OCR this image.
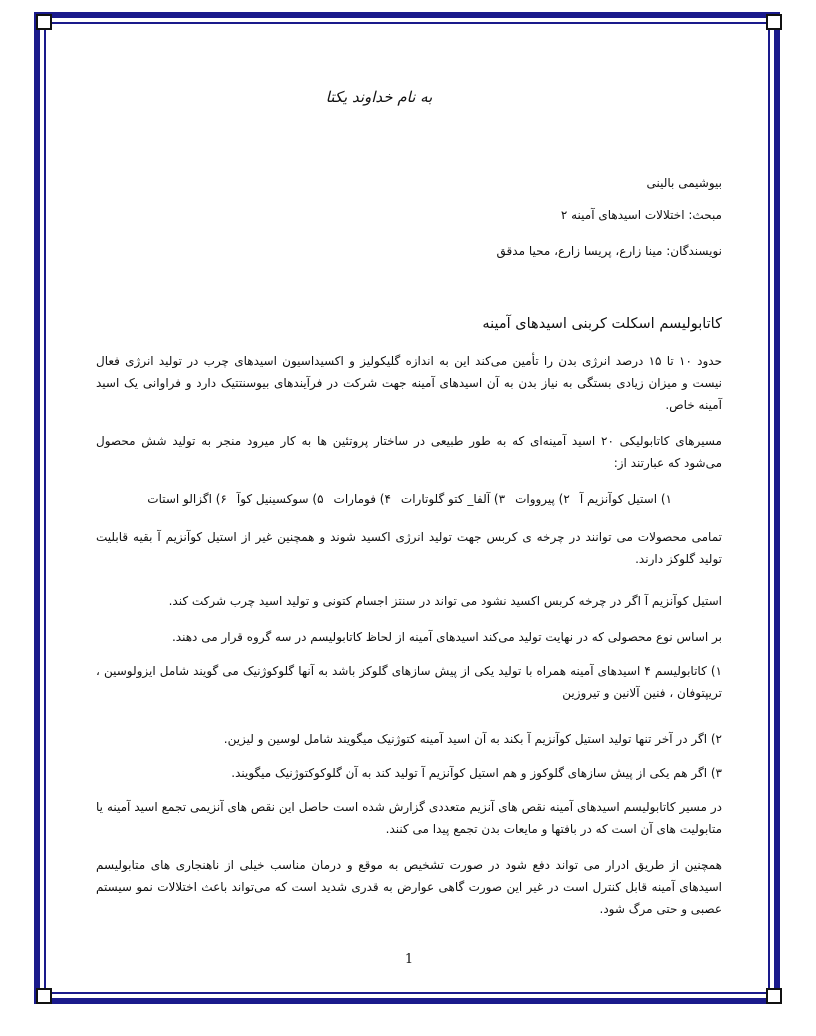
به نام خداوند یکتا
بیوشیمی بالینی
مبحث: اختلالات اسیدهای آمینه ۲
نویسندگان: مینا زارع، پریسا زارع، محیا مدقق
کاتابولیسم اسکلت کربنی اسیدهای آمینه
حدود ۱۰ تا ۱۵ درصد انرژی بدن را تأمین می‌کند این به اندازه گلیکولیز و اکسیداسیون اسیدهای چرب در تولید انرژی فعال نیست و میزان زیادی بستگی به نیاز بدن به آن اسیدهای آمینه جهت شرکت در فرآیندهای بیوسنتتیک دارد و فراوانی یک اسید آمینه خاص.
مسیرهای کاتابولیکی ۲۰ اسید آمینه‌ای که به طور طبیعی در ساختار پروتئین ها به کار میرود منجر به تولید شش محصول می‌شود که عبارتند از:
۱) استیل کوآنزیم آ
۲) پیرووات
۳) آلفا_ کتو گلوتارات
۴) فومارات
۵) سوکسینیل کوآ
۶) اگزالو استات
تمامی محصولات می توانند در چرخه ی کربس جهت تولید انرژی اکسید شوند و همچنین غیر از استیل کوآنزیم آ بقیه قابلیت تولید گلوکز دارند.
استیل کوآنزیم آ اگر در چرخه کربس اکسید نشود می تواند در سنتز اجسام کتونی و تولید اسید چرب شرکت کند.
بر اساس نوع محصولی که در نهایت تولید می‌کند اسیدهای آمینه از لحاظ کاتابولیسم در سه گروه قرار می دهند.
۱) کاتابولیسم ۴ اسیدهای آمینه همراه با تولید یکی از پیش سازهای گلوکز باشد به آنها گلوکوژنیک می گویند شامل ایزولوسین ، تریپتوفان ، فنین آلانین و تیروزین
۲) اگر در آخر تنها تولید استیل کوآنزیم آ بکند به آن اسید آمینه کتوژنیک میگویند شامل لوسین و لیزین.
۳) اگر هم یکی از پیش سازهای گلوکوز و هم استیل کوآنزیم آ تولید کند به آن گلوکوکتوژنیک میگویند.
در مسیر کاتابولیسم اسیدهای آمینه نقص های آنزیم متعددی گزارش شده است حاصل این نقص های آنزیمی تجمع اسید آمینه یا متابولیت های آن است که در بافتها و مایعات بدن تجمع پیدا می کنند.
همچنین از طریق ادرار می تواند دفع شود در صورت تشخیص به موقع و درمان مناسب خیلی از ناهنجاری های متابولیسم اسیدهای آمینه قابل کنترل است در غیر این صورت گاهی عوارض به قدری شدید است که می‌تواند باعث اختلالات نمو سیستم عصبی و حتی مرگ شود.
1
